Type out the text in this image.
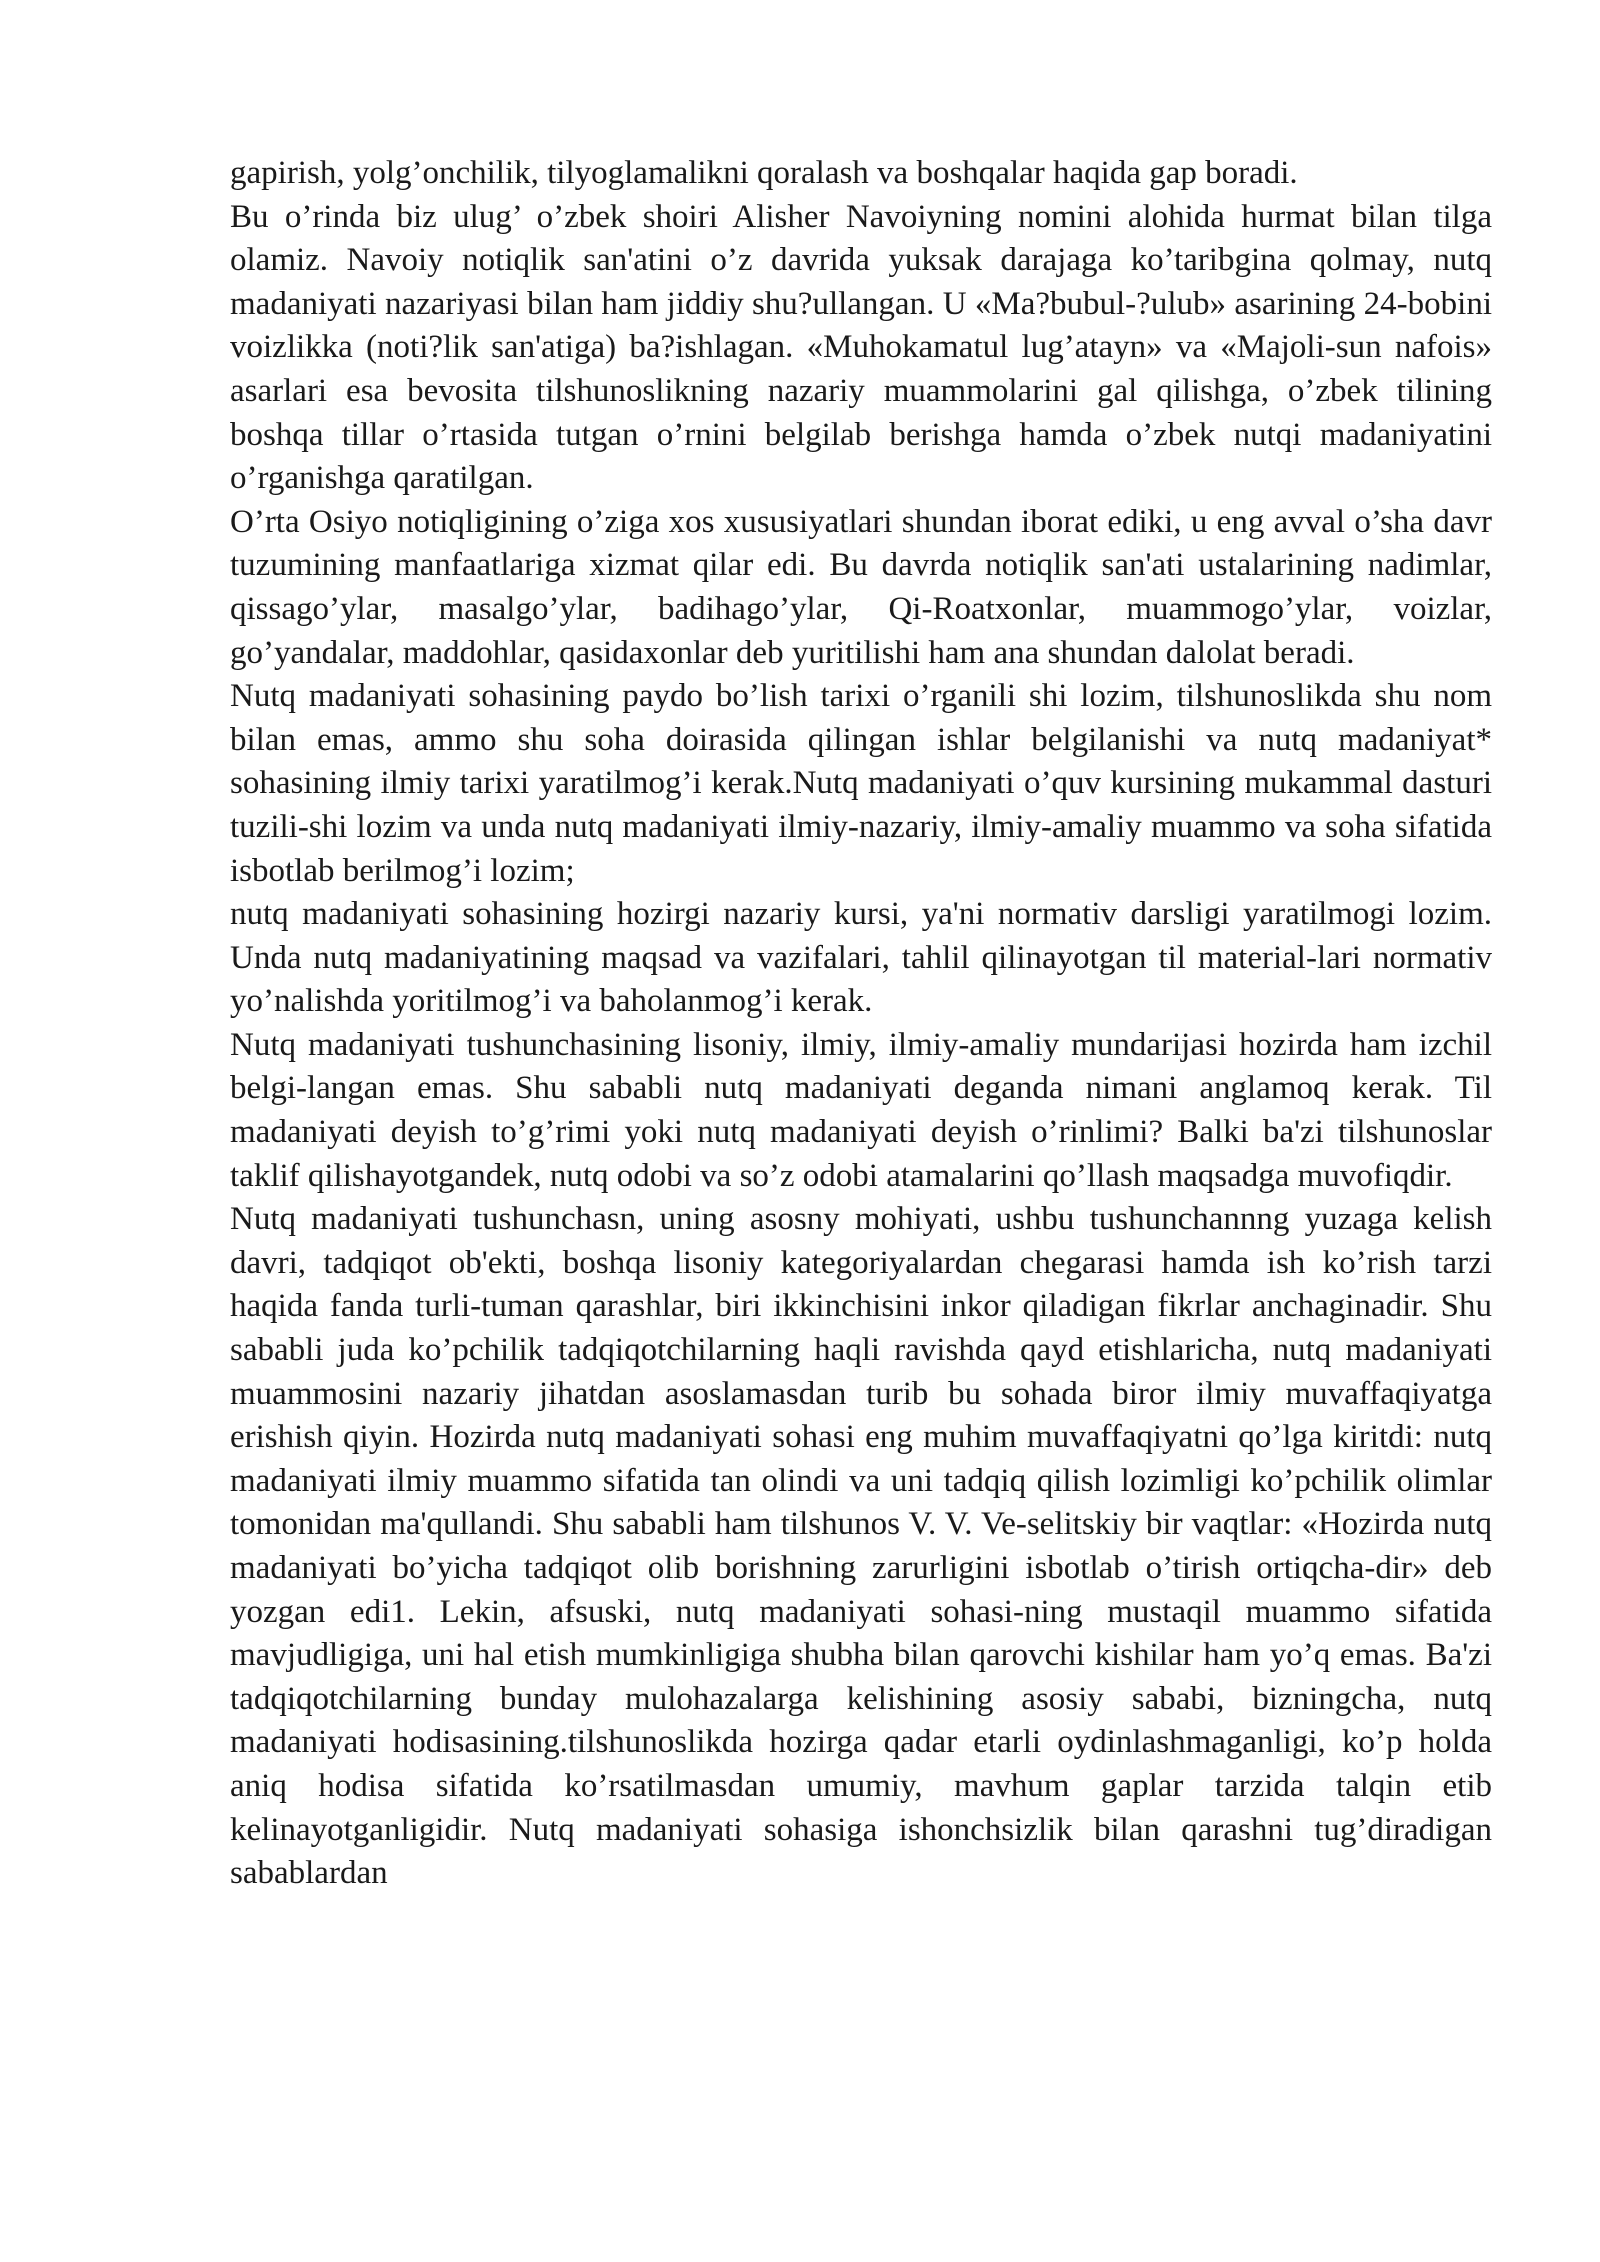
gapirish, yolg’onchilik, tilyoglamalikni qoralash va boshqalar haqida gap boradi.

Bu o’rinda biz ulug’ o’zbek shoiri Alisher Navoiyning nomini alohida hurmat bilan tilga olamiz. Navoiy notiqlik san'atini o’z davrida yuksak darajaga ko’taribgina qolmay, nutq madaniyati nazariyasi bilan ham jiddiy shu?ullangan. U «Ma?bubul-?ulub» asarining 24-bobini voizlikka (noti?lik san'atiga) ba?ishlagan. «Muhokamatul lug’atayn» va «Majoli-sun nafois» asarlari esa bevosita tilshunoslikning nazariy muammolarini gal qilishga, o’zbek tilining boshqa tillar o’rtasida tutgan o’rnini belgilab berishga hamda o’zbek nutqi madaniyatini o’rganishga qaratilgan.

O’rta Osiyo notiqligining o’ziga xos xususiyatlari shundan iborat ediki, u eng avval o’sha davr tuzumining manfaatlariga xizmat qilar edi. Bu davrda notiqlik san'ati ustalarining nadimlar, qissago’ylar, masalgo’ylar, badihago’ylar, Qi-Roatxonlar, muammogo’ylar, voizlar, go’yandalar, maddohlar, qasidaxonlar deb yuritilishi ham ana shundan dalolat beradi.

Nutq madaniyati sohasining paydo bo’lish tarixi o’rganili shi lozim, tilshunoslikda shu nom bilan emas, ammo shu soha doirasida qilingan ishlar belgilanishi va nutq madaniyat* sohasining ilmiy tarixi yaratilmog’i kerak.Nutq madaniyati o’quv kursining mukammal dasturi tuzili-shi lozim va unda nutq madaniyati ilmiy-nazariy, ilmiy-amaliy muammo va soha sifatida isbotlab berilmog’i lozim;

nutq madaniyati sohasining hozirgi nazariy kursi, ya'ni normativ darsligi yaratilmogi lozim. Unda nutq madaniyatining maqsad va vazifalari, tahlil qilinayotgan til material-lari normativ yo’nalishda yoritilmog’i va baholanmog’i kerak.

Nutq madaniyati tushunchasining lisoniy, ilmiy, ilmiy-amaliy mundarijasi hozirda ham izchil belgi-langan emas. Shu sababli nutq madaniyati deganda nimani anglamoq kerak. Til madaniyati deyish to’g’rimi yoki nutq madaniyati deyish o’rinlimi? Balki ba'zi tilshunoslar taklif qilishayotgandek, nutq odobi va so’z odobi atamalarini qo’llash maqsadga muvofiqdir.

Nutq madaniyati tushunchasn, uning asosny mohiyati, ushbu tushunchannng yuzaga kelish davri, tadqiqot ob'ekti, boshqa lisoniy kategoriyalardan chegarasi hamda ish ko’rish tarzi haqida fanda turli-tuman qarashlar, biri ikkinchisini inkor qiladigan fikrlar anchaginadir. Shu sababli juda ko’pchilik tadqiqotchilarning haqli ravishda qayd etishlaricha, nutq madaniyati muammosini nazariy jihatdan asoslamasdan turib bu sohada biror ilmiy muvaffaqiyatga erishish qiyin. Hozirda nutq madaniyati sohasi eng muhim muvaffaqiyatni qo’lga kiritdi: nutq madaniyati ilmiy muammo sifatida tan olindi va uni tadqiq qilish lozimligi ko’pchilik olimlar tomonidan ma'qullandi. Shu sababli ham tilshunos V. V. Ve-selitskiy bir vaqtlar: «Hozirda nutq madaniyati bo’yicha tadqiqot olib borishning zarurligini isbotlab o’tirish ortiqcha-dir» deb yozgan edi1. Lekin, afsuski, nutq madaniyati sohasi-ning mustaqil muammo sifatida mavjudligiga, uni hal etish mumkinligiga shubha bilan qarovchi kishilar ham yo’q emas. Ba'zi tadqiqotchilarning bunday mulohazalarga kelishining asosiy sababi, bizningcha, nutq madaniyati hodisasining.tilshunoslikda hozirga qadar etarli oydinlashmaganligi, ko’p holda aniq hodisa sifatida ko’rsatilmasdan umumiy, mavhum gaplar tarzida talqin etib kelinayotganligidir. Nutq madaniyati sohasiga ishonchsizlik bilan qarashni tug’diradigan sabablardan
